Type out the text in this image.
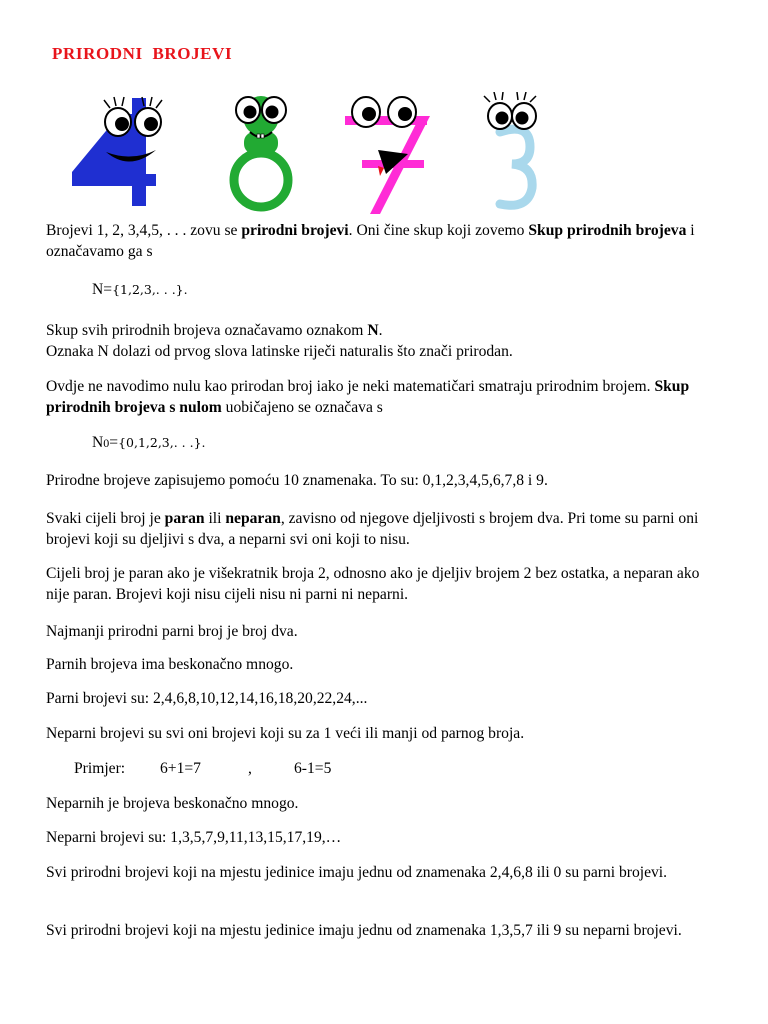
PRIRODNI  BROJEVI
Brojevi 1, 2, 3,4,5, . . . zovu se prirodni brojevi. Oni čine skup koji zovemo Skup prirodnih brojeva i označavamo ga s
N={1,2,3,. . .}.
Skup svih prirodnih brojeva označavamo oznakom N.
Oznaka N dolazi od prvog slova latinske riječi naturalis što znači prirodan.
Ovdje ne navodimo nulu kao prirodan broj iako je neki matematičari smatraju prirodnim brojem. Skup prirodnih brojeva s nulom uobičajeno se označava s
N0={0,1,2,3,. . .}.
Prirodne brojeve zapisujemo pomoću 10 znamenaka. To su: 0,1,2,3,4,5,6,7,8 i 9.
Svaki cijeli broj je paran ili neparan, zavisno od njegove djeljivosti s brojem dva. Pri tome su parni oni brojevi koji su djeljivi s dva, a neparni svi oni koji to nisu.
Cijeli broj je paran ako je višekratnik broja 2, odnosno ako je djeljiv brojem 2 bez ostatka, a neparan ako nije paran. Brojevi koji nisu cijeli nisu ni parni ni neparni.
Najmanji prirodni parni broj je broj dva.
Parnih brojeva ima beskonačno mnogo.
Parni brojevi su: 2,4,6,8,10,12,14,16,18,20,22,24,...
Neparni brojevi su svi oni brojevi koji su za 1 veći ili manji od parnog broja.
Primjer: 6+1=7	,	6-1=5
Neparnih je brojeva beskonačno mnogo.
Neparni brojevi su: 1,3,5,7,9,11,13,15,17,19,…
Svi prirodni brojevi koji na mjestu jedinice imaju jednu od znamenaka 2,4,6,8 ili 0 su parni brojevi.
Svi prirodni brojevi koji na mjestu jedinice imaju jednu od znamenaka 1,3,5,7 ili 9 su neparni brojevi.
